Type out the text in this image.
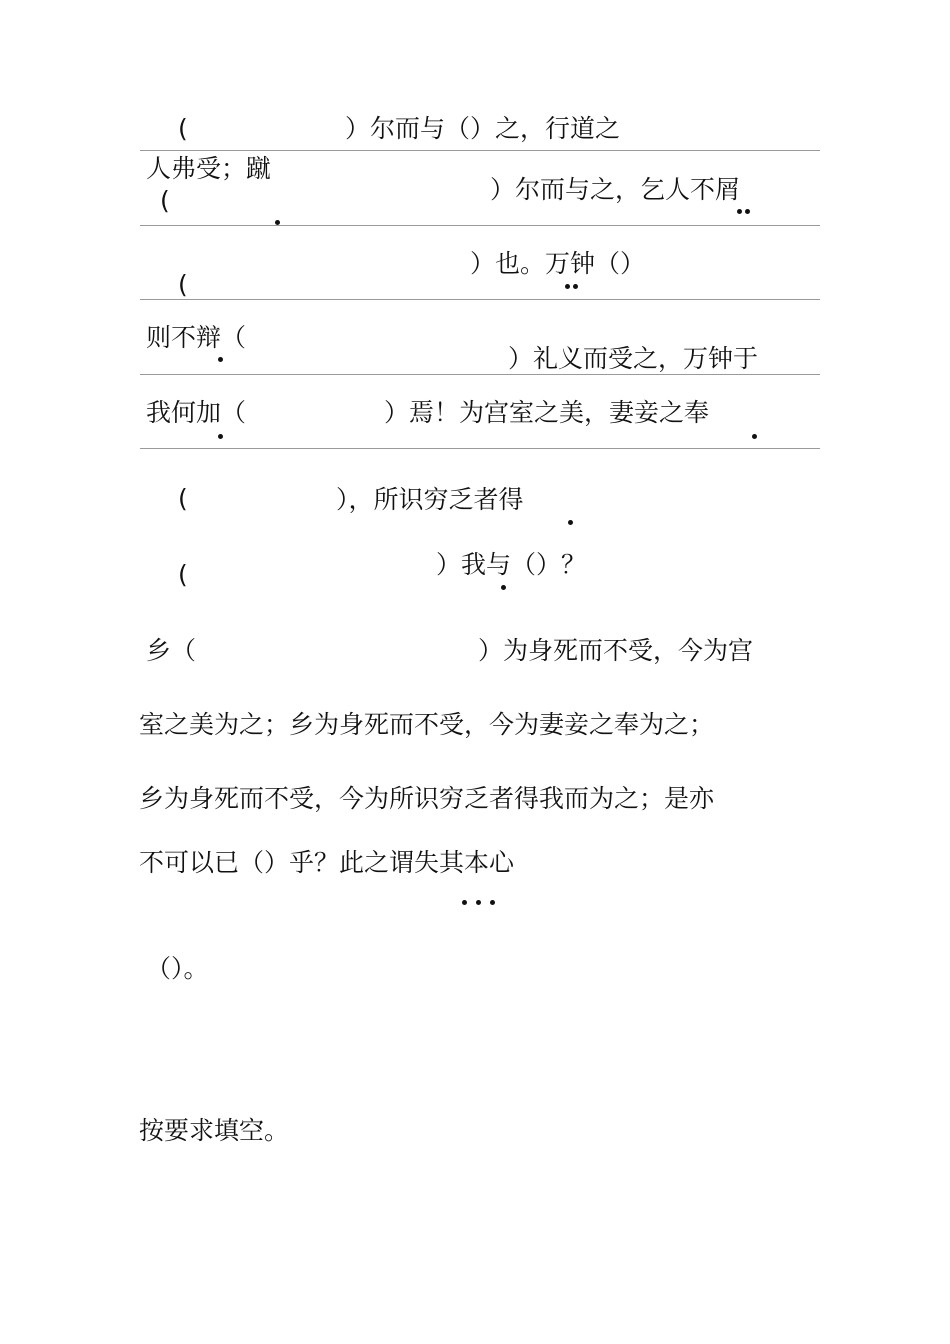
(	）尔而与（）之，行道之
人弗受；蹴
(	）尔而与之，乞人不屑
）也。万钟（）
(
则不辩（
）礼义而受之，万钟于
我何加（	）焉！为宫室之美，妻妾之奉
(	），所识穷乏者得
(	）我与（）？
乡（	）为身死而不受，今为宫
室之美为之；乡为身死而不受，今为妻妾之奉为之；
乡为身死而不受，今为所识穷乏者得我而为之；是亦
不可以已（）乎？此之谓失其本心
（）。
按要求填空。
